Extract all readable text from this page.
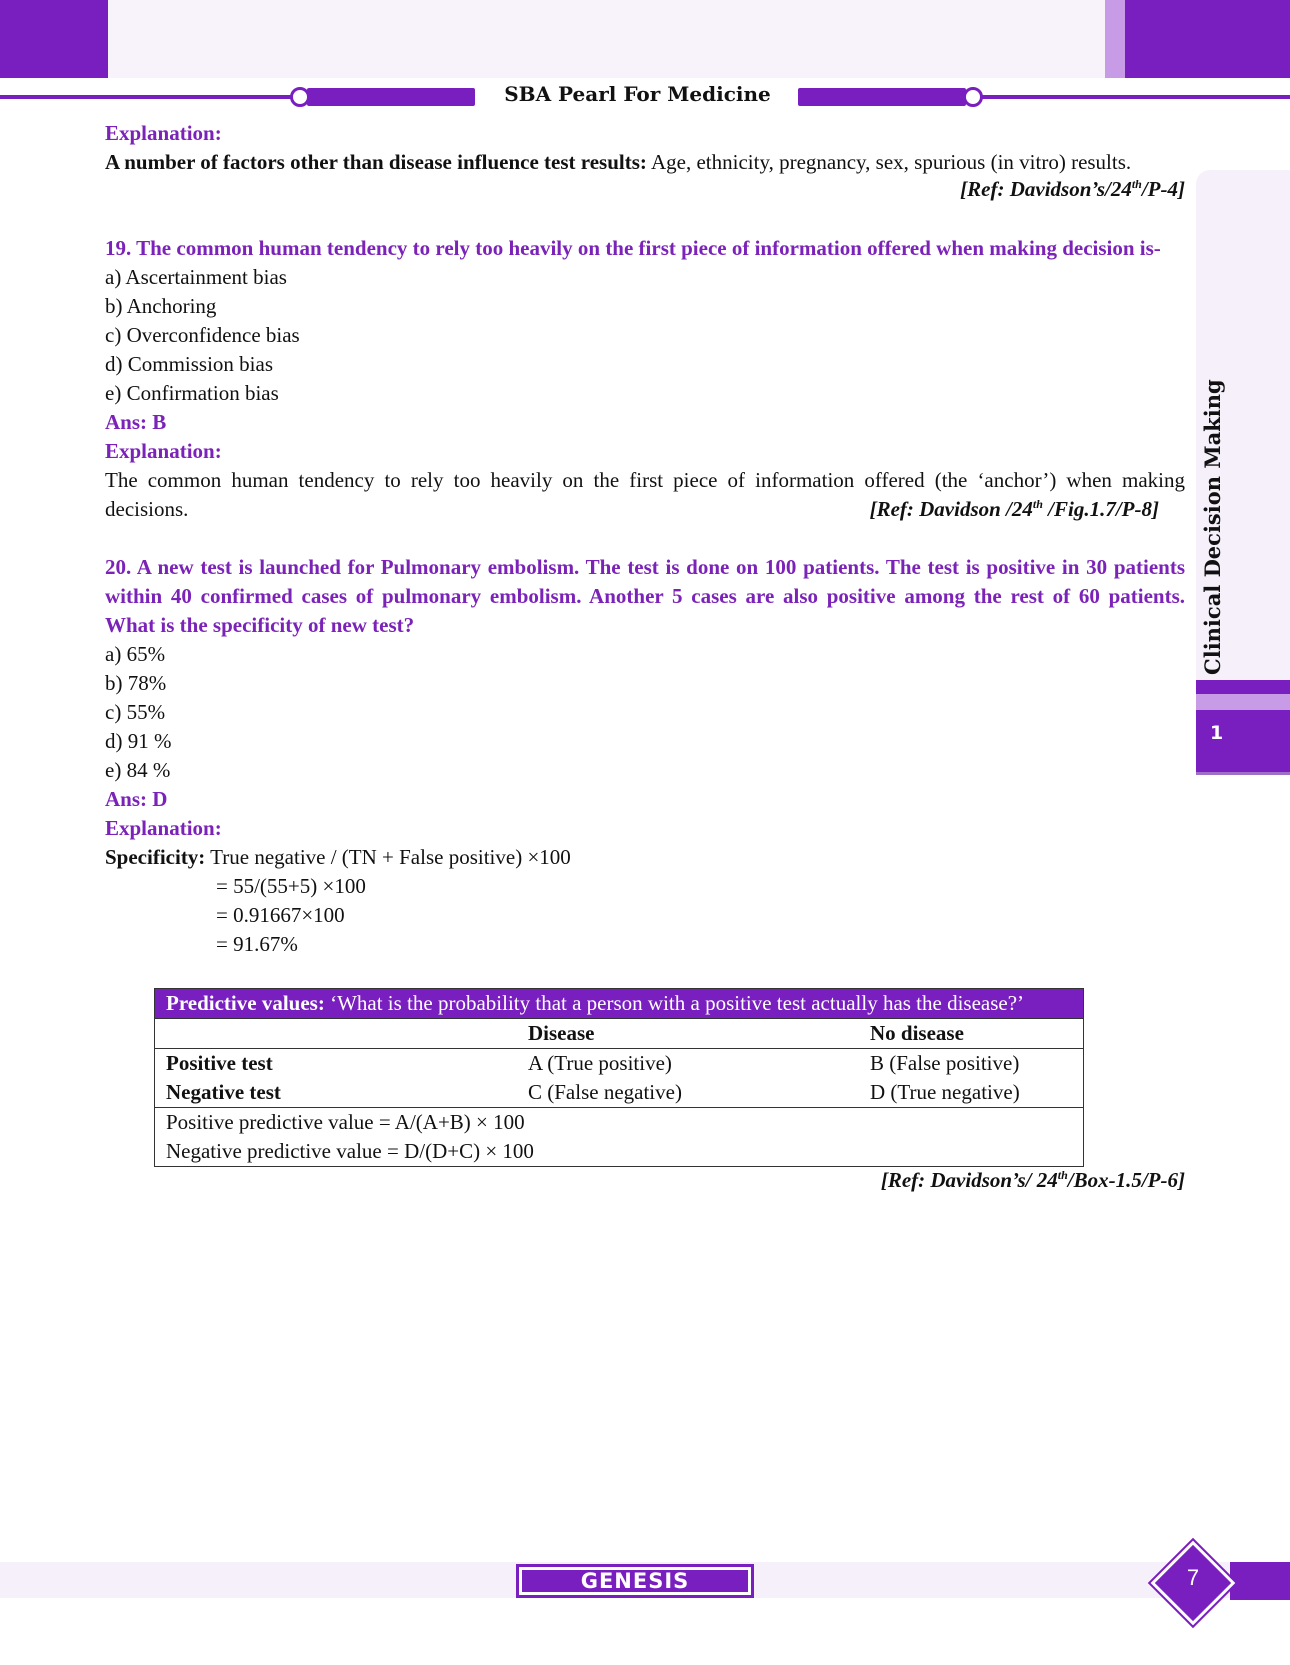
SBA Pearl For Medicine
Clinical Decision Making
1
Explanation:
A number of factors other than disease influence test results: Age, ethnicity, pregnancy, sex, spurious (in vitro) results.
[Ref: Davidson’s/24th/P-4]
19. The common human tendency to rely too heavily on the first piece of information offered when making decision is-
a) Ascertainment bias
b) Anchoring
c) Overconfidence bias
d) Commission bias
e) Confirmation bias
Ans: B
Explanation:
The common human tendency to rely too heavily on the first piece of information offered (the ‘anchor’) when making
decisions.	[Ref: Davidson /24th /Fig.1.7/P-8]
20. A new test is launched for Pulmonary embolism. The test is done on 100 patients. The test is positive in 30 patients
within 40 confirmed cases of pulmonary embolism. Another 5 cases are also positive among the rest of 60 patients.
What is the specificity of new test?
a) 65%
b) 78%
c) 55%
d) 91 %
e) 84 %
Ans: D
Explanation:
Specificity: True negative / (TN + False positive) ×100
= 55/(55+5) ×100
= 0.91667×100
= 91.67%
Predictive values: ‘What is the probability that a person with a positive test actually has the disease?’		
	Disease	No disease
Positive test	A (True positive)	B (False positive)
Negative test	C (False negative)	D (True negative)
Positive predictive value = A/(A+B) × 100		
Negative predictive value = D/(D+C) × 100		
[Ref: Davidson’s/ 24th/Box-1.5/P-6]
GENESIS	7
